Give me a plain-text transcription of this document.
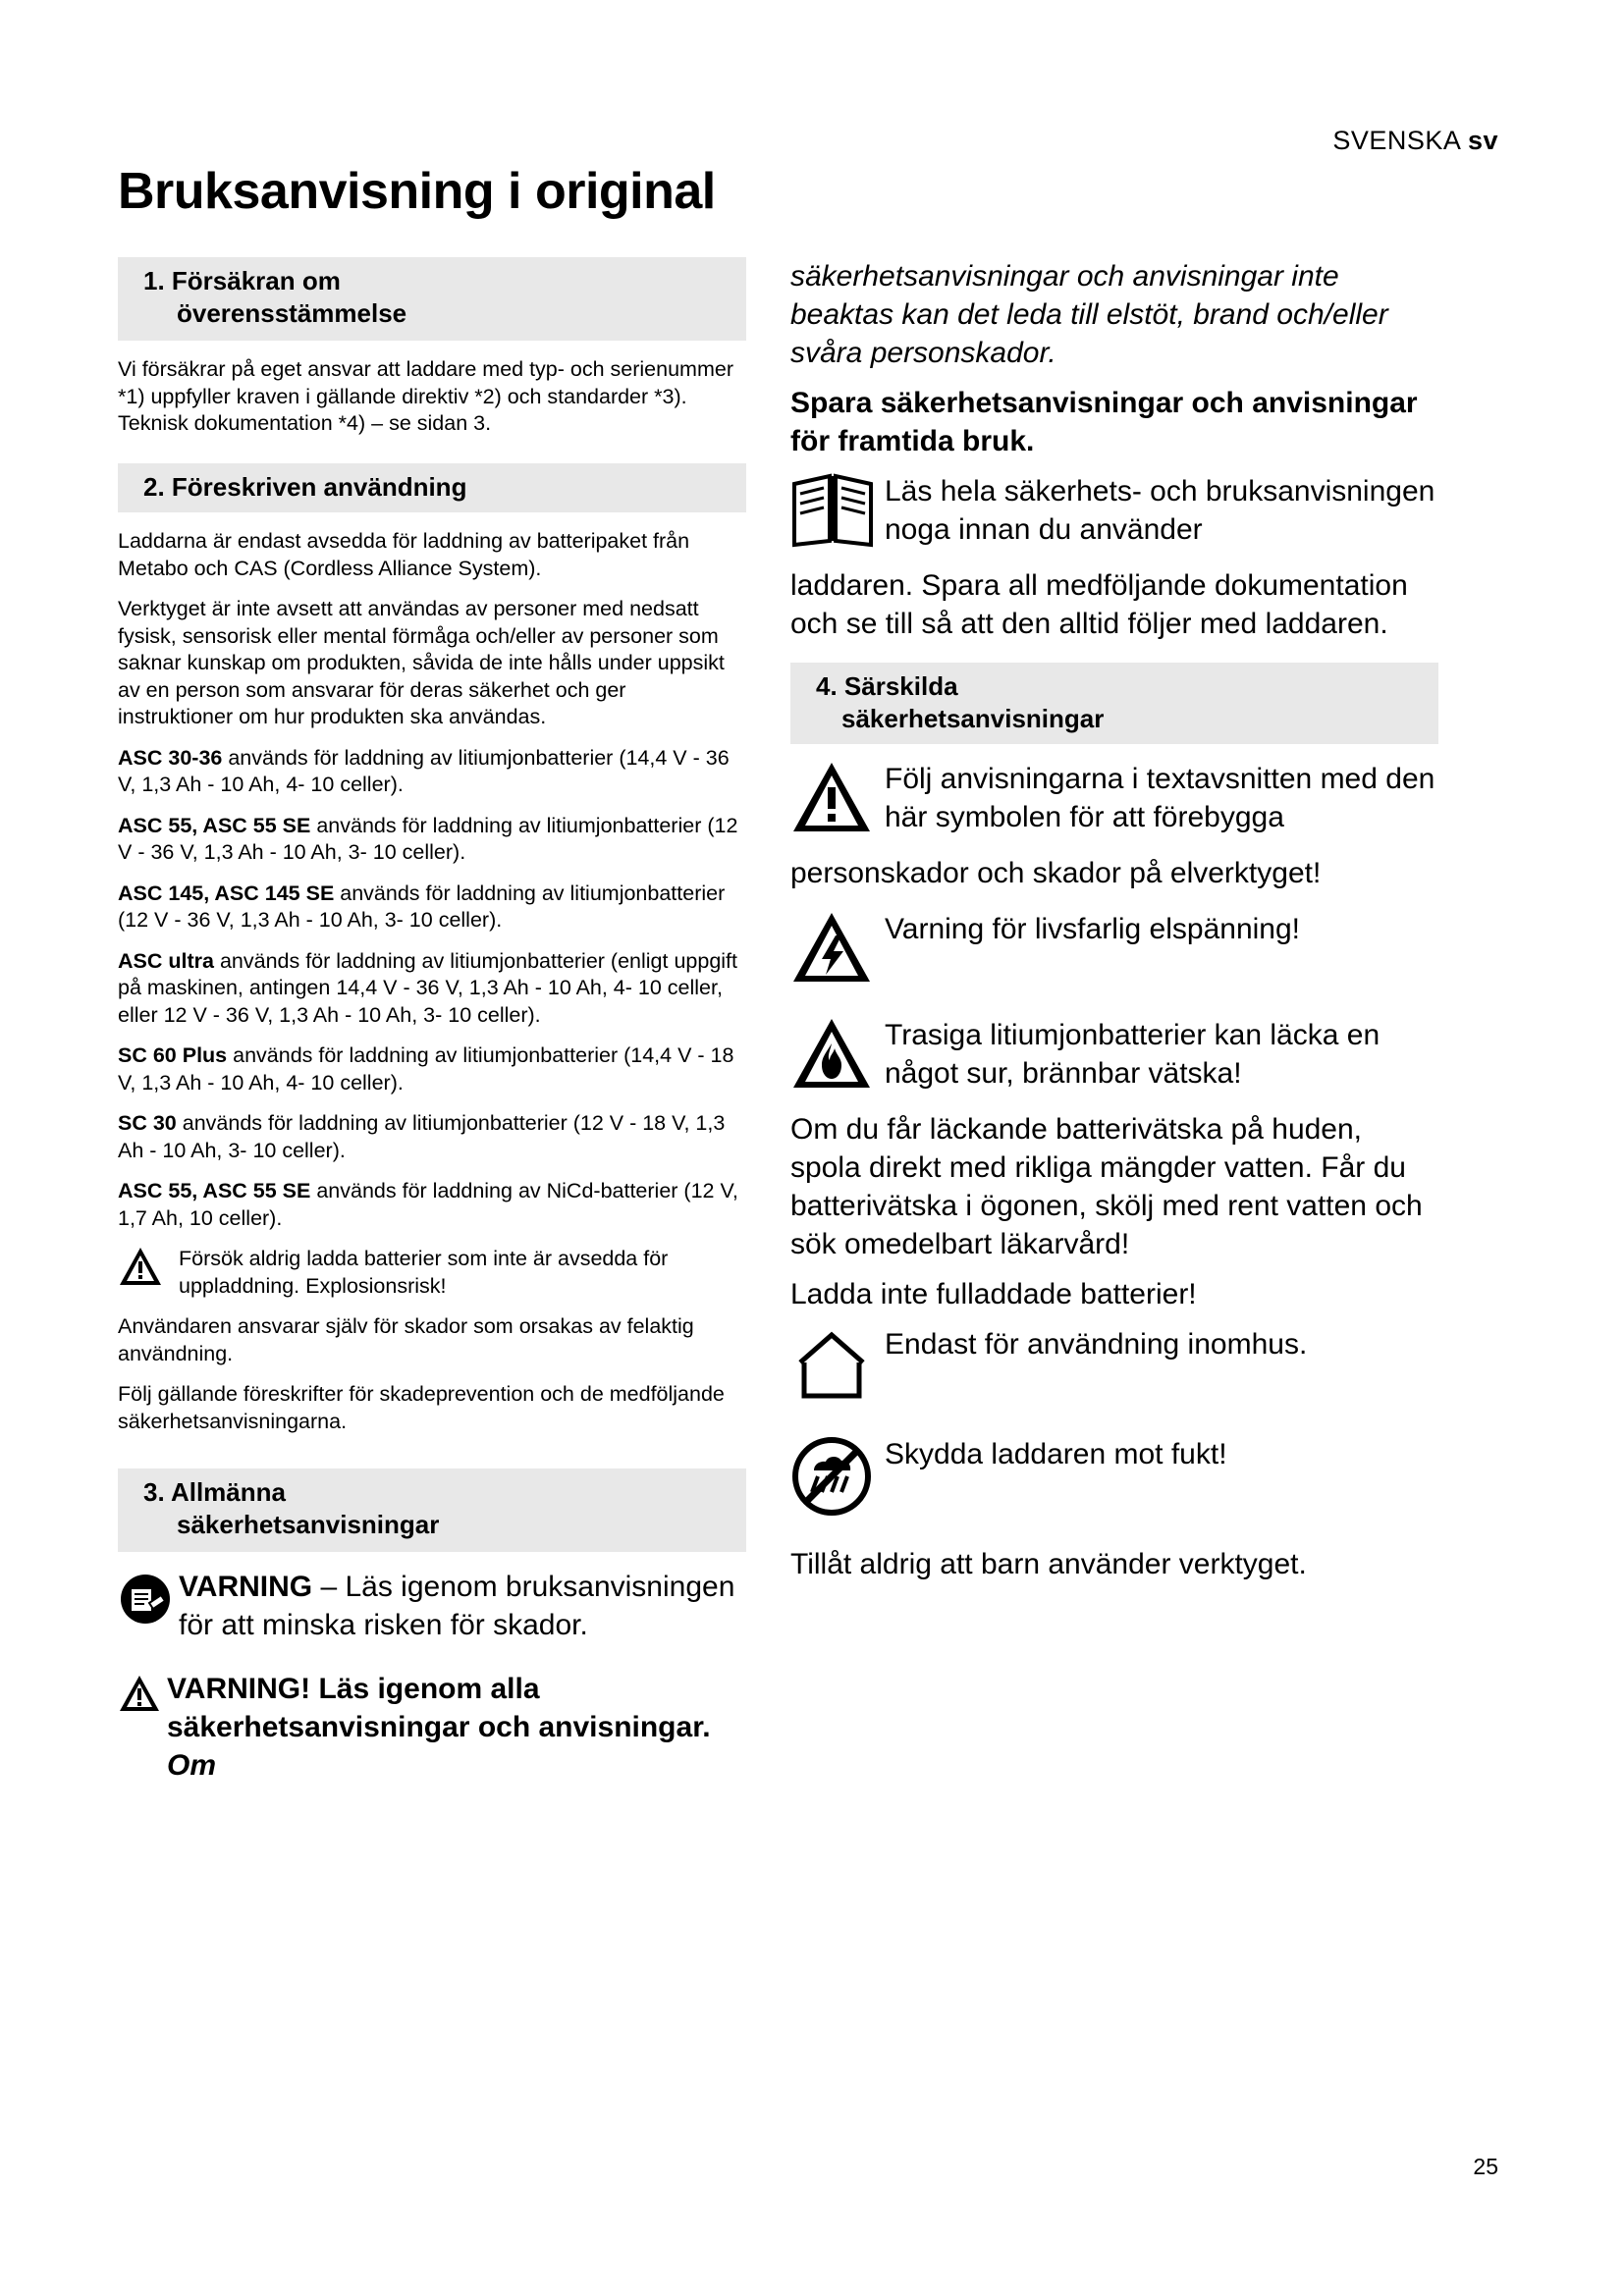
SVENSKA sv
Bruksanvisning i original
1. Försäkran om
överensstämmelse

Vi försäkrar på eget ansvar att laddare med typ- och serienummer *1) uppfyller kraven i gällande direktiv *2) och standarder *3). Teknisk dokumentation *4) – se sidan 3.

2. Föreskriven användning

Laddarna är endast avsedda för laddning av batteripaket från Metabo och CAS (Cordless Alliance System).

Verktyget är inte avsett att användas av personer med nedsatt fysisk, sensorisk eller mental förmåga och/eller av personer som saknar kunskap om produkten, såvida de inte hålls under uppsikt av en person som ansvarar för deras säkerhet och ger instruktioner om hur produkten ska användas.

ASC 30-36 används för laddning av litiumjonbatterier (14,4 V - 36 V, 1,3 Ah - 10 Ah, 4- 10 celler).

ASC 55, ASC 55 SE används för laddning av litiumjonbatterier (12 V - 36 V, 1,3 Ah - 10 Ah, 3- 10 celler).

ASC 145, ASC 145 SE används för laddning av litiumjonbatterier (12 V - 36 V, 1,3 Ah - 10 Ah, 3- 10 celler).

ASC ultra används för laddning av litiumjonbatterier (enligt uppgift på maskinen, antingen 14,4 V - 36 V, 1,3 Ah - 10 Ah, 4- 10 celler, eller 12 V - 36 V, 1,3 Ah - 10 Ah, 3- 10 celler).

SC 60 Plus används för laddning av litiumjonbatterier (14,4 V - 18 V, 1,3 Ah - 10 Ah, 4- 10 celler).

SC 30 används för laddning av litiumjonbatterier (12 V - 18 V, 1,3 Ah - 10 Ah, 3- 10 celler).

ASC 55, ASC 55 SE används för laddning av NiCd-batterier (12 V, 1,7 Ah, 10 celler).

Försök aldrig ladda batterier som inte är avsedda för uppladdning. Explosionsrisk!

Användaren ansvarar själv för skador som orsakas av felaktig användning.

Följ gällande föreskrifter för skadeprevention och de medföljande säkerhetsanvisningarna.

3. Allmänna
säkerhetsanvisningar

VARNING – Läs igenom bruksanvisningen för att minska risken för skador.

VARNING! Läs igenom alla säkerhetsanvisningar och anvisningar. Om

säkerhetsanvisningar och anvisningar inte beaktas kan det leda till elstöt, brand och/eller svåra personskador.

Spara säkerhetsanvisningar och anvisningar för framtida bruk.

Läs hela säkerhets- och bruksanvisningen noga innan du använder

laddaren. Spara all medföljande dokumentation och se till så att den alltid följer med laddaren.

4. Särskilda
säkerhetsanvisningar
Följ anvisningarna i textavsnitten med den här symbolen för att förebygga

personskador och skador på elverktyget!

Varning för livsfarlig elspänning!
Trasiga litiumjonbatterier kan läcka en något sur, brännbar vätska!

Om du får läckande batterivätska på huden, spola direkt med rikliga mängder vatten. Får du batterivätska i ögonen, skölj med rent vatten och sök omedelbart läkarvård!

Ladda inte fulladdade batterier!

Endast för användning inomhus.
Skydda laddaren mot fukt!

Tillåt aldrig att barn använder verktyget.

25
